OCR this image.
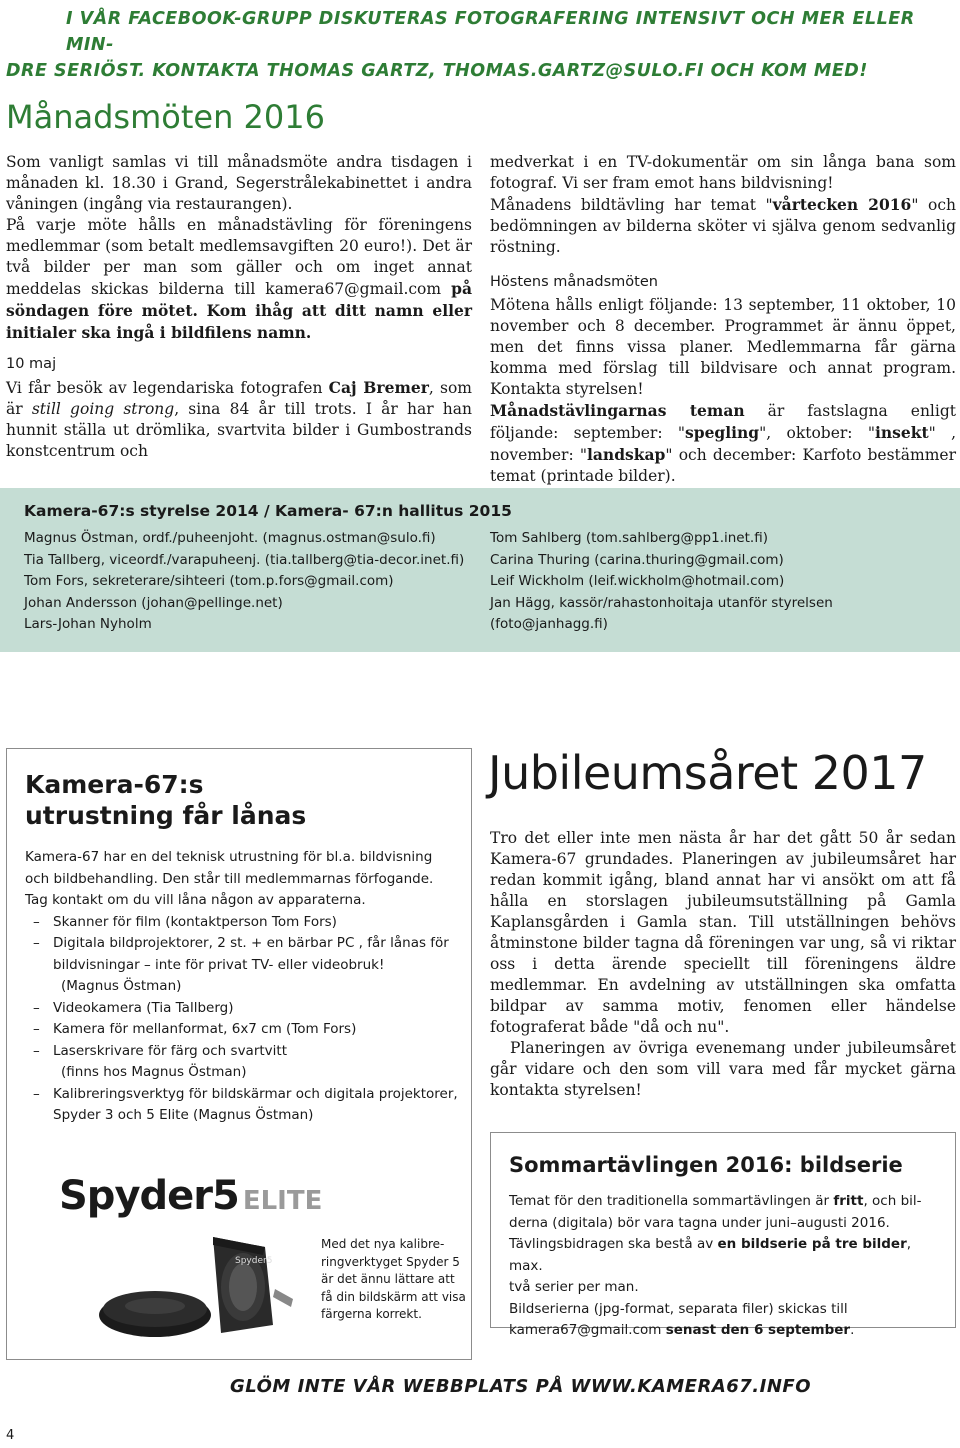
I VÅR FACEBOOK-GRUPP DISKUTERAS FOTOGRAFERING INTENSIVT OCH MER ELLER MIN-
DRE SERIÖST. KONTAKTA THOMAS GARTZ, THOMAS.GARTZ@SULO.FI OCH KOM MED!
Månadsmöten 2016

Som vanligt samlas vi till månadsmöte andra tisdagen i månaden kl. 18.30 i Grand, Segerstrålekabinettet i andra våningen (ingång via restaurangen).

På varje möte hålls en månadstävling för föreningens medlemmar (som betalt medlemsavgiften 20 euro!). Det är två bilder per man som gäller och om inget annat meddelas skickas bilderna till kamera67@gmail.com på söndagen före mötet. Kom ihåg att ditt namn eller initialer ska ingå i bildfilens namn.

10 maj

Vi får besök av legendariska fotografen Caj Bremer, som är still going strong, sina 84 år till trots. I år har han hunnit ställa ut drömlika, svartvita bilder i Gumbostrands konstcentrum och

medverkat i en TV-dokumentär om sin långa bana som fotograf. Vi ser fram emot hans bildvisning!

Månadens bildtävling har temat "vårtecken 2016" och bedömningen av bilderna sköter vi själva genom sedvanlig röstning.

Höstens månadsmöten

Mötena hålls enligt följande: 13 september, 11 oktober, 10 november och 8 december. Programmet är ännu öppet, men det finns vissa planer. Medlemmarna får gärna komma med förslag till bildvisare och annat program. Kontakta styrelsen!

Månadstävlingarnas teman är fastslagna enligt följande: september: "spegling", oktober: "insekt" , november: "landskap" och december: Karfoto bestämmer temat (printade bilder).

Kamera-67:s styrelse 2014 / Kamera- 67:n hallitus 2015
Magnus Östman, ordf./puheenjoht. (magnus.ostman@sulo.fi)
Tia Tallberg, viceordf./varapuheenj. (tia.tallberg@tia-decor.inet.fi)
Tom Fors, sekreterare/sihteeri (tom.p.fors@gmail.com)
Johan Andersson (johan@pellinge.net)
Lars-Johan Nyholm
Tom Sahlberg (tom.sahlberg@pp1.inet.fi)
Carina Thuring (carina.thuring@gmail.com)
Leif Wickholm (leif.wickholm@hotmail.com)
Jan Hägg, kassör/rahastonhoitaja utanför styrelsen
(foto@janhagg.fi)
Kamera-67:s
utrustning får lånas
Kamera-67 har en del teknisk utrustning för bl.a. bildvisning
och bildbehandling. Den står till medlemmarnas förfogande.
Tag kontakt om du vill låna någon av apparaterna.
– Skanner för film (kontaktperson Tom Fors)
– Digitala bildprojektorer, 2 st. + en bärbar PC , får lånas för
bildvisningar – inte för privat TV- eller videobruk!
(Magnus Östman)
– Videokamera (Tia Tallberg)
– Kamera för mellanformat, 6x7 cm (Tom Fors)
– Laserskrivare för färg och svartvitt
(finns hos Magnus Östman)
– Kalibreringsverktyg för bildskärmar och digitala projektorer,
Spyder 3 och 5 Elite (Magnus Östman)
Spyder5 ELITE
Spyder5
Med det nya kalibre-
ringverktyget Spyder 5
är det ännu lättare att
få din bildskärm att visa
färgerna korrekt.
Jubileumsåret 2017

Tro det eller inte men nästa år har det gått 50 år sedan Kamera-67 grundades. Planeringen av jubileumsåret har redan kommit igång, bland annat har vi ansökt om att få hålla en storslagen jubileumsutställning på Gamla Kaplansgården i Gamla stan. Till utställningen behövs åtminstone bilder tagna då föreningen var ung, så vi riktar oss i detta ärende speciellt till föreningens äldre medlemmar. En avdelning av utställningen ska omfatta bildpar av samma motiv, fenomen eller händelse fotograferat både "då och nu".

Planeringen av övriga evenemang under jubileumsåret går vidare och den som vill vara med får mycket gärna kontakta styrelsen!

Sommartävlingen 2016: bildserie
Temat för den traditionella sommartävlingen är fritt, och bil-
derna (digitala) bör vara tagna under juni–augusti 2016.
Tävlingsbidragen ska bestå av en bildserie på tre bilder, max.
två serier per man.
Bildserierna (jpg-format, separata filer) skickas till
kamera67@gmail.com senast den 6 september.
GLÖM INTE VÅR WEBBPLATS PÅ WWW.KAMERA67.INFO
4
